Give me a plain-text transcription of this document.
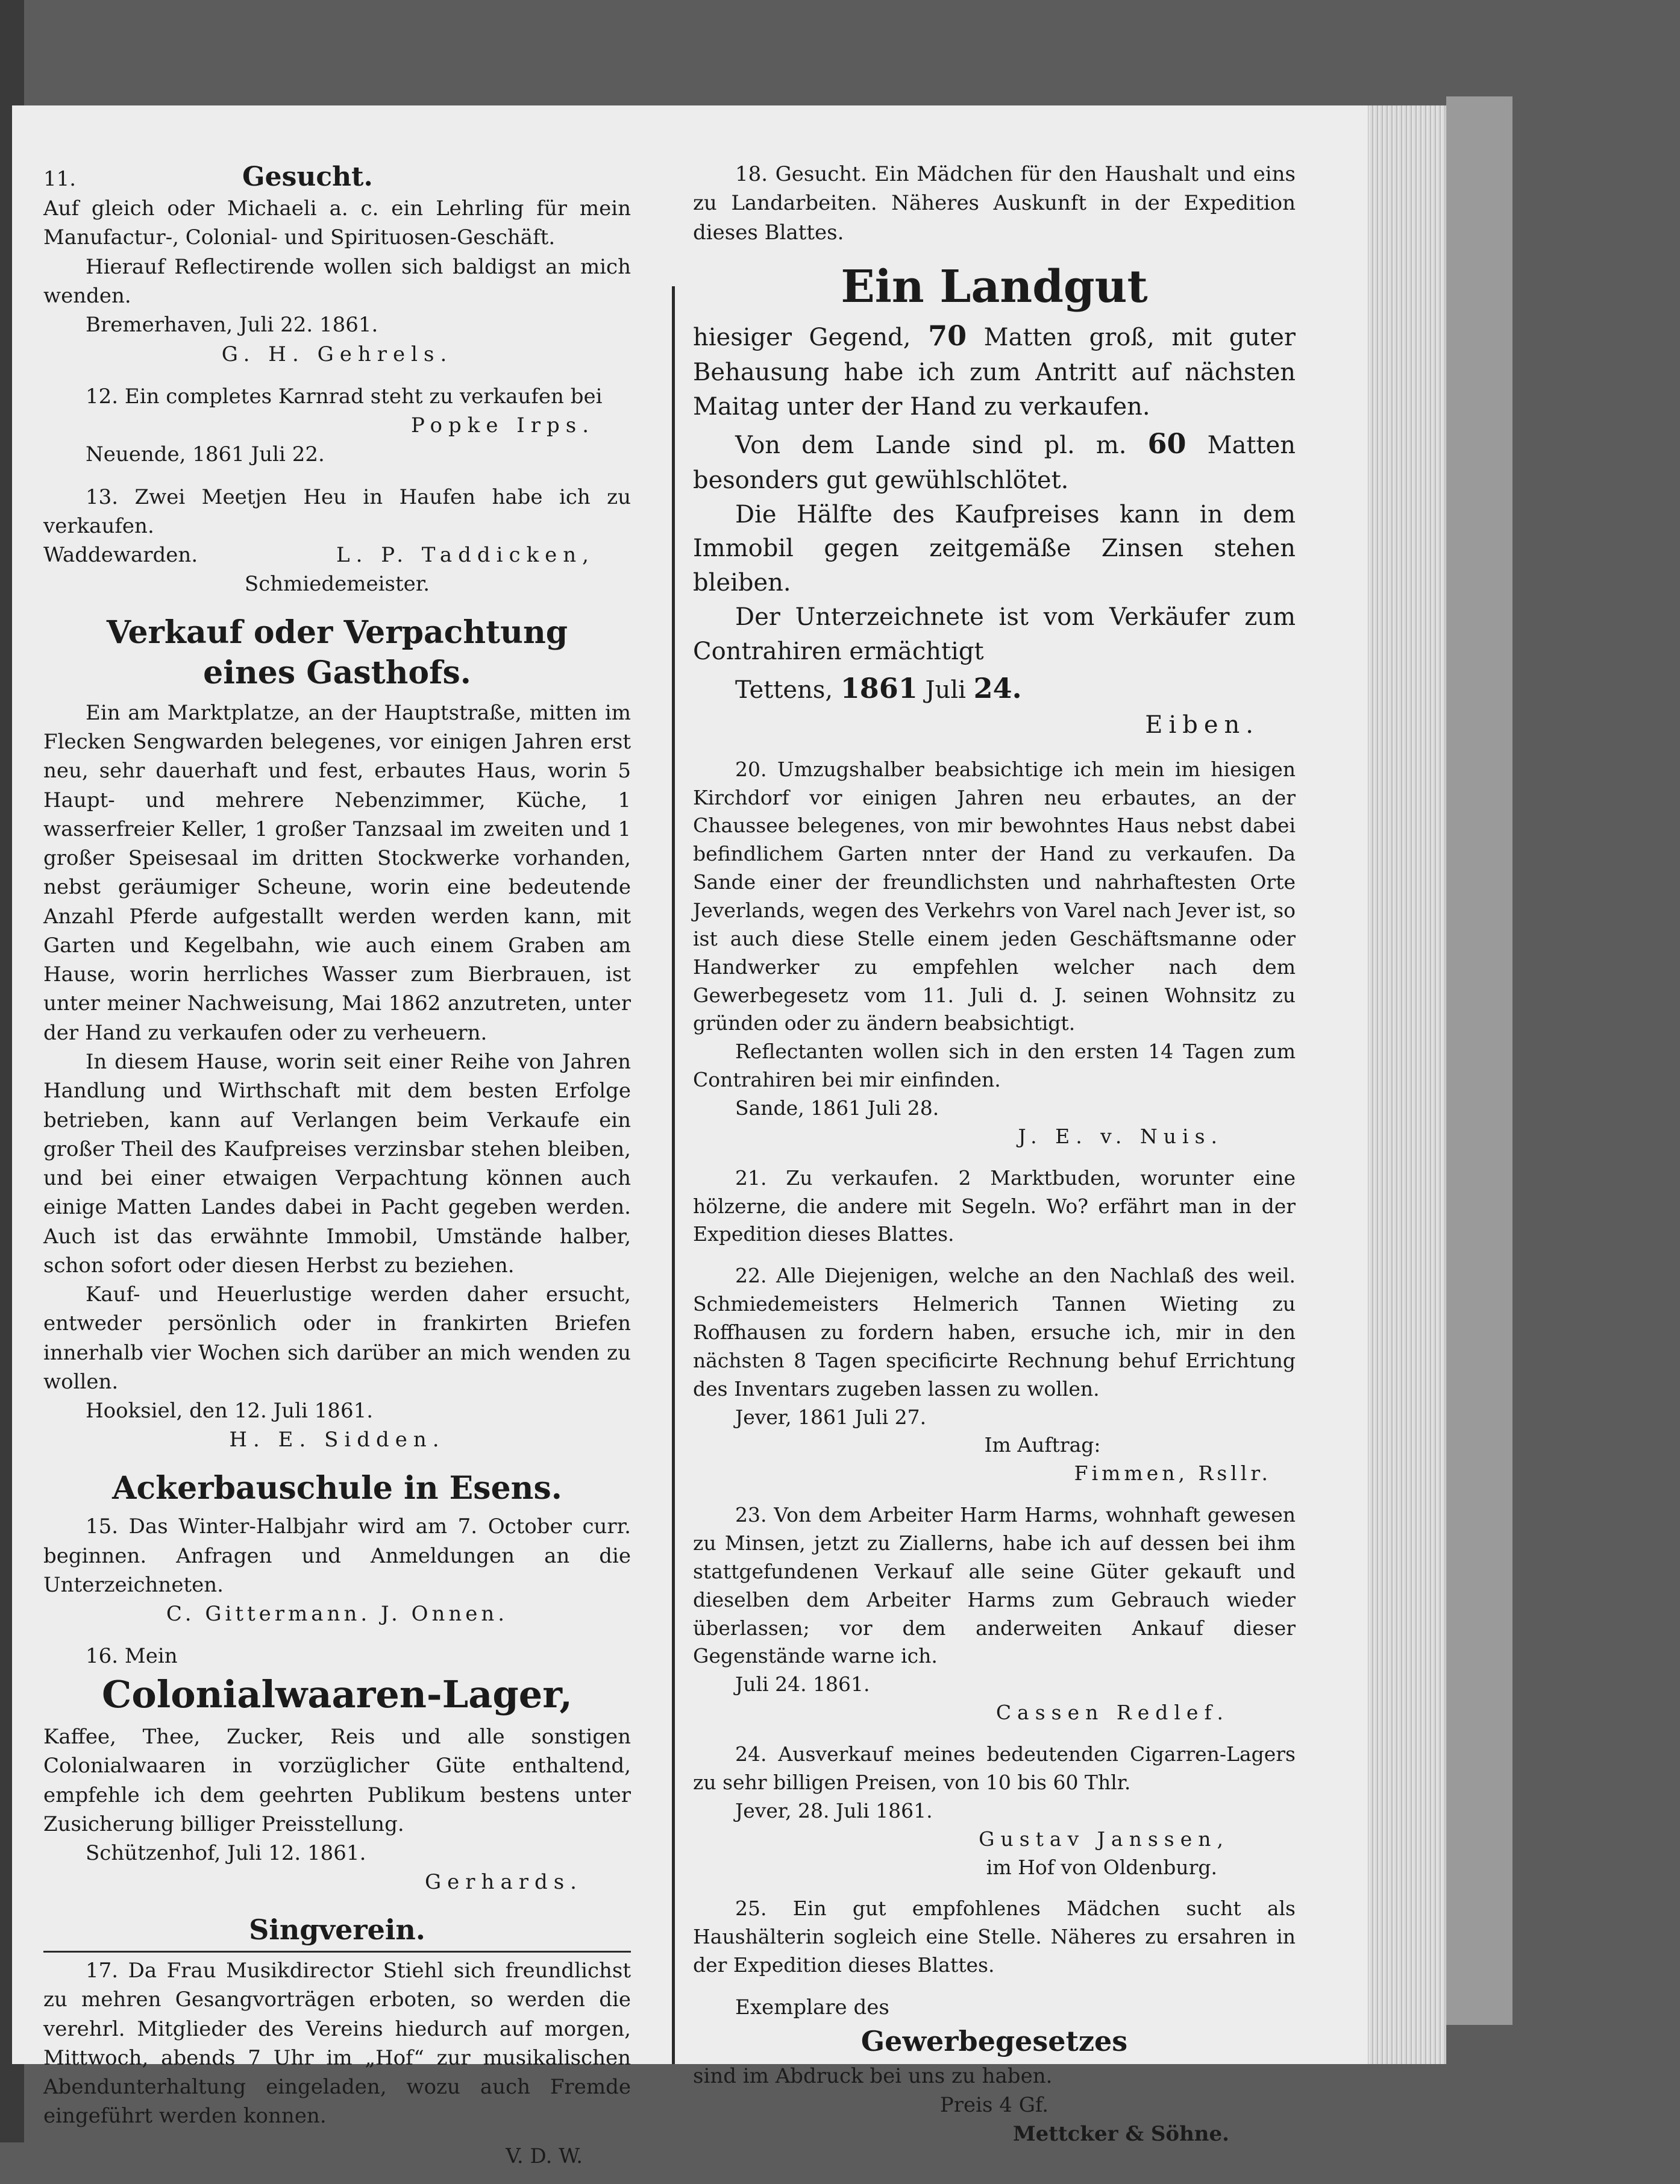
11.	Gesucht.

Auf gleich oder Michaeli a. c. ein Lehrling für mein Manufactur-, Colonial- und Spirituosen-Geschäft.

Hierauf Reflectirende wollen sich baldigst an mich wenden.

Bremerhaven, Juli 22. 1861.

G. H. Gehrels.

12. Ein completes Karnrad steht zu verkaufen bei

Popke Irps.

Neuende, 1861 Juli 22.

13. Zwei Meetjen Heu in Haufen habe ich zu verkaufen.

Waddewarden.	L. P. Taddicken,

Schmiedemeister.

Verkauf oder Verpachtung

eines Gasthofs.

Ein am Marktplatze, an der Hauptstraße, mitten im Flecken Sengwarden belegenes, vor einigen Jahren erst neu, sehr dauerhaft und fest, erbautes Haus, worin 5 Haupt- und mehrere Nebenzimmer, Küche, 1 wasserfreier Keller, 1 großer Tanzsaal im zweiten und 1 großer Speisesaal im dritten Stockwerke vorhanden, nebst geräumiger Scheune, worin eine bedeutende Anzahl Pferde aufgestallt werden werden kann, mit Garten und Kegelbahn, wie auch einem Graben am Hause, worin herrliches Wasser zum Bierbrauen, ist unter meiner Nachweisung, Mai 1862 anzutreten, unter der Hand zu verkaufen oder zu verheuern.

In diesem Hause, worin seit einer Reihe von Jahren Handlung und Wirthschaft mit dem besten Erfolge betrieben, kann auf Verlangen beim Verkaufe ein großer Theil des Kaufpreises verzinsbar stehen bleiben, und bei einer etwaigen Verpachtung können auch einige Matten Landes dabei in Pacht gegeben werden. Auch ist das erwähnte Immobil, Umstände halber, schon sofort oder diesen Herbst zu beziehen.

Kauf- und Heuerlustige werden daher ersucht, entweder persönlich oder in frankirten Briefen innerhalb vier Wochen sich darüber an mich wenden zu wollen.

Hooksiel, den 12. Juli 1861.

H. E. Sidden.

Ackerbauschule in Esens.

15. Das Winter-Halbjahr wird am 7. October curr. beginnen. Anfragen und Anmeldungen an die Unterzeichneten.

C. Gittermann. J. Onnen.

16. Mein

Colonialwaaren-Lager,

Kaffee, Thee, Zucker, Reis und alle sonstigen Colonialwaaren in vorzüglicher Güte enthaltend, empfehle ich dem geehrten Publikum bestens unter Zusicherung billiger Preisstellung.

Schützenhof, Juli 12. 1861.

Gerhards.

Singverein.

17. Da Frau Musikdirector Stiehl sich freundlichst zu mehren Gesangvorträgen erboten, so werden die verehrl. Mitglieder des Vereins hiedurch auf morgen, Mittwoch, abends 7 Uhr im „Hof“ zur musikalischen Abendunterhaltung eingeladen, wozu auch Fremde eingeführt werden konnen.

V. D. W.

18. Gesucht. Ein Mädchen für den Haushalt und eins zu Landarbeiten. Näheres Auskunft in der Expedition dieses Blattes.

Ein Landgut

hiesiger Gegend, 70 Matten groß, mit guter Behausung habe ich zum Antritt auf nächsten Maitag unter der Hand zu verkaufen.

Von dem Lande sind pl. m. 60 Matten besonders gut gewühlschlötet.

Die Hälfte des Kaufpreises kann in dem Immobil gegen zeitgemäße Zinsen stehen bleiben.

Der Unterzeichnete ist vom Verkäufer zum Contrahiren ermächtigt

Tettens, 1861 Juli 24.

Eiben.

20. Umzugshalber beabsichtige ich mein im hiesigen Kirchdorf vor einigen Jahren neu erbautes, an der Chaussee belegenes, von mir bewohntes Haus nebst dabei befindlichem Garten nnter der Hand zu verkaufen. Da Sande einer der freundlichsten und nahrhaftesten Orte Jeverlands, wegen des Verkehrs von Varel nach Jever ist, so ist auch diese Stelle einem jeden Geschäftsmanne oder Handwerker zu empfehlen welcher nach dem Gewerbegesetz vom 11. Juli d. J. seinen Wohnsitz zu gründen oder zu ändern beabsichtigt.

Reflectanten wollen sich in den ersten 14 Tagen zum Contrahiren bei mir einfinden.

Sande, 1861 Juli 28.

J. E. v. Nuis.

21. Zu verkaufen. 2 Marktbuden, worunter eine hölzerne, die andere mit Segeln. Wo? erfährt man in der Expedition dieses Blattes.

22. Alle Diejenigen, welche an den Nachlaß des weil. Schmiedemeisters Helmerich Tannen Wieting zu Roffhausen zu fordern haben, ersuche ich, mir in den nächsten 8 Tagen specificirte Rechnung behuf Errichtung des Inventars zugeben lassen zu wollen.

Jever, 1861 Juli 27.

Im Auftrag:

Fimmen, Rsllr.

23. Von dem Arbeiter Harm Harms, wohnhaft gewesen zu Minsen, jetzt zu Ziallerns, habe ich auf dessen bei ihm stattgefundenen Verkauf alle seine Güter gekauft und dieselben dem Arbeiter Harms zum Gebrauch wieder überlassen; vor dem anderweiten Ankauf dieser Gegenstände warne ich.

Juli 24. 1861.

Cassen Redlef.

24. Ausverkauf meines bedeutenden Cigarren-Lagers zu sehr billigen Preisen, von 10 bis 60 Thlr.

Jever, 28. Juli 1861.

Gustav Janssen,

im Hof von Oldenburg.

25. Ein gut empfohlenes Mädchen sucht als Haushälterin sogleich eine Stelle. Näheres zu ersahren in der Expedition dieses Blattes.

Exemplare des

Gewerbegesetzes

sind im Abdruck bei uns zu haben.

Preis 4 Gf.

Mettcker & Söhne.
